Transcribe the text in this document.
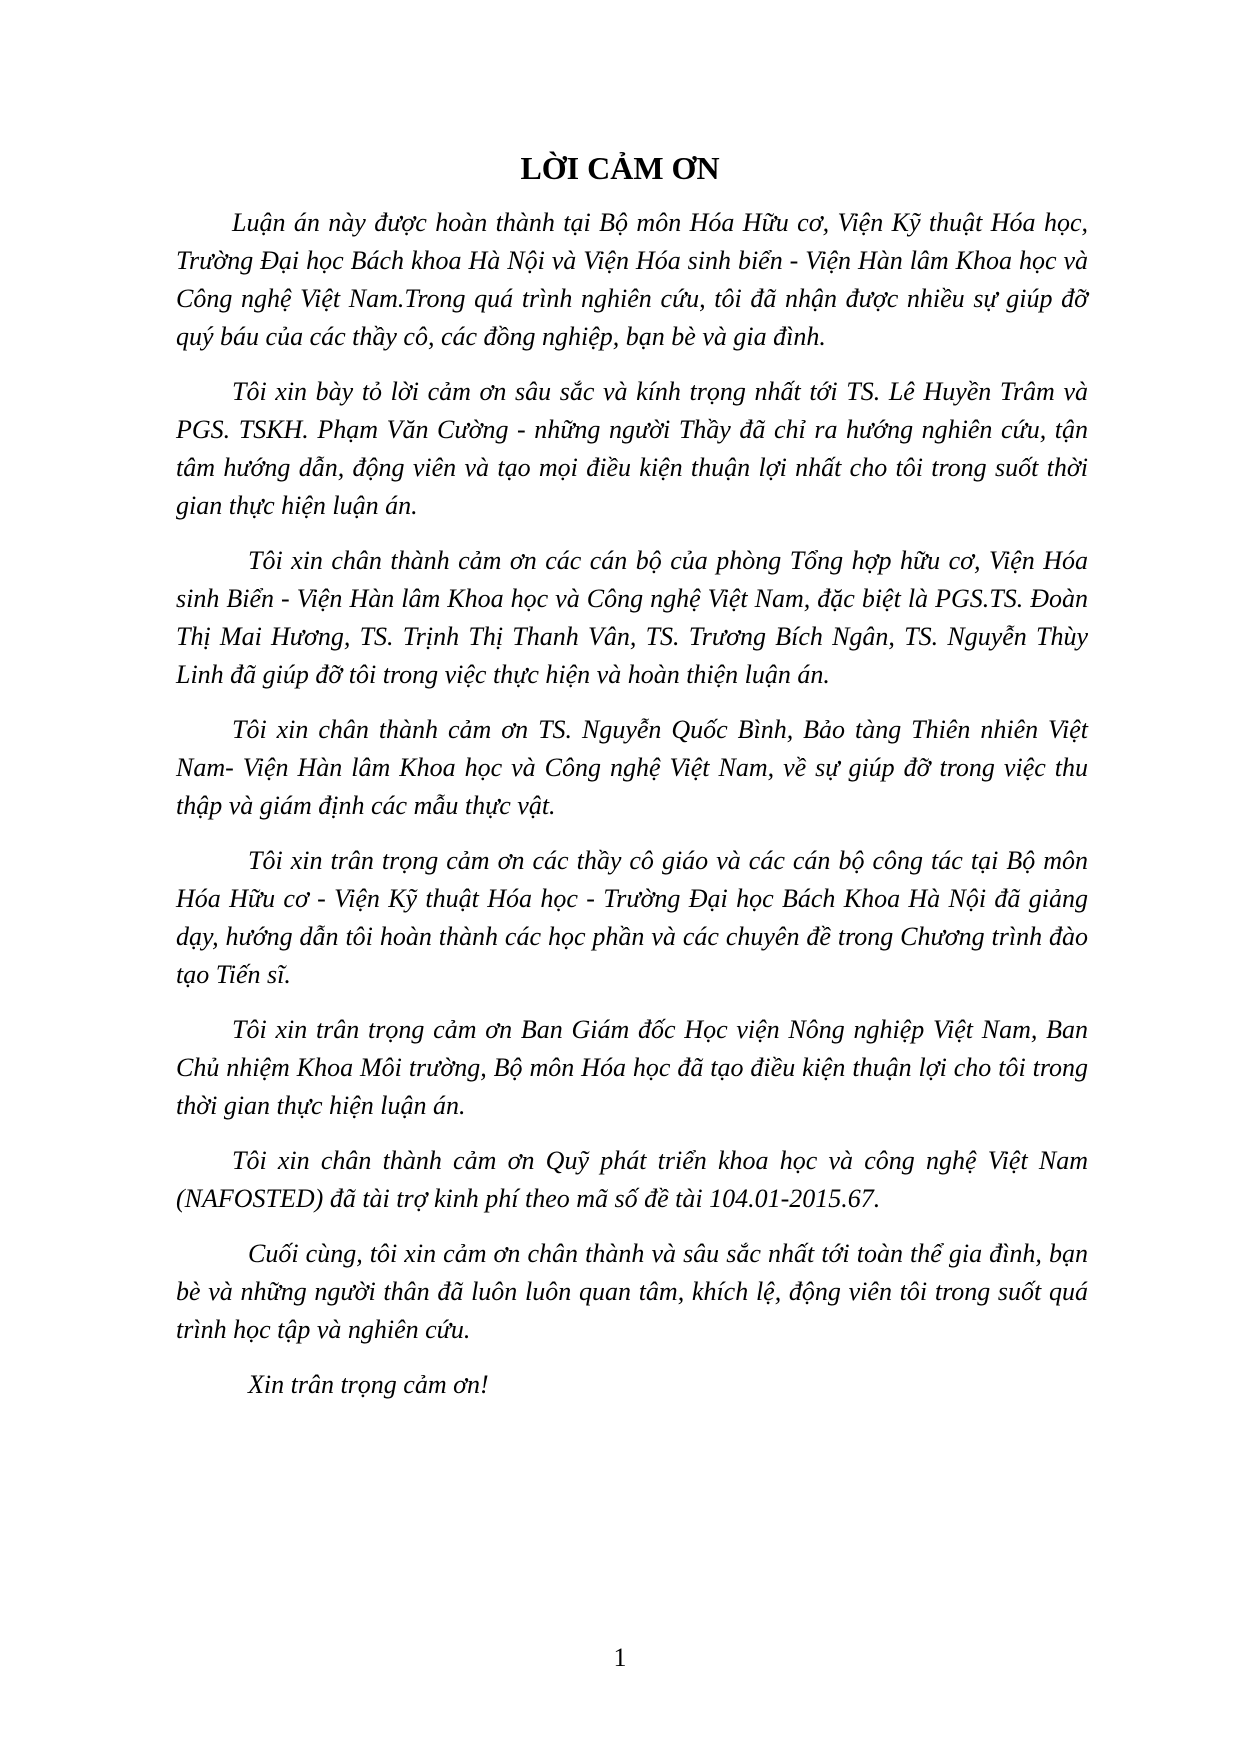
LỜI CẢM ƠN

Luận án này được hoàn thành tại Bộ môn Hóa Hữu cơ, Viện Kỹ thuật Hóa học, Trường Đại học Bách khoa Hà Nội và Viện Hóa sinh biển - Viện Hàn lâm Khoa học và Công nghệ Việt Nam.Trong quá trình nghiên cứu, tôi đã nhận được nhiều sự giúp đỡ quý báu của các thầy cô, các đồng nghiệp, bạn bè và gia đình.

Tôi xin bày tỏ lời cảm ơn sâu sắc và kính trọng nhất tới TS. Lê Huyền Trâm và PGS. TSKH. Phạm Văn Cường - những người Thầy đã chỉ ra hướng nghiên cứu, tận tâm hướng dẫn, động viên và tạo mọi điều kiện thuận lợi nhất cho tôi trong suốt thời gian thực hiện luận án.

Tôi xin chân thành cảm ơn các cán bộ của phòng Tổng hợp hữu cơ, Viện Hóa sinh Biển - Viện Hàn lâm Khoa học và Công nghệ Việt Nam, đặc biệt là PGS.TS. Đoàn Thị Mai Hương, TS. Trịnh Thị Thanh Vân, TS. Trương Bích Ngân, TS. Nguyễn Thùy Linh đã giúp đỡ tôi trong việc thực hiện và hoàn thiện luận án.

Tôi xin chân thành cảm ơn TS. Nguyễn Quốc Bình, Bảo tàng Thiên nhiên Việt Nam- Viện Hàn lâm Khoa học và Công nghệ Việt Nam, về sự giúp đỡ trong việc thu thập và giám định các mẫu thực vật.

Tôi xin trân trọng cảm ơn các thầy cô giáo và các cán bộ công tác tại Bộ môn Hóa Hữu cơ - Viện Kỹ thuật Hóa học - Trường Đại học Bách Khoa Hà Nội đã giảng dạy, hướng dẫn tôi hoàn thành các học phần và các chuyên đề trong Chương trình đào tạo Tiến sĩ.

Tôi xin trân trọng cảm ơn Ban Giám đốc Học viện Nông nghiệp Việt Nam, Ban Chủ nhiệm Khoa Môi trường, Bộ môn Hóa học đã tạo điều kiện thuận lợi cho tôi trong thời gian thực hiện luận án.

Tôi xin chân thành cảm ơn Quỹ phát triển khoa học và công nghệ Việt Nam (NAFOSTED) đã tài trợ kinh phí theo mã số đề tài 104.01-2015.67.

Cuối cùng, tôi xin cảm ơn chân thành và sâu sắc nhất tới toàn thể gia đình, bạn bè và những người thân đã luôn luôn quan tâm, khích lệ, động viên tôi trong suốt quá trình học tập và nghiên cứu.

Xin trân trọng cảm ơn!

1
